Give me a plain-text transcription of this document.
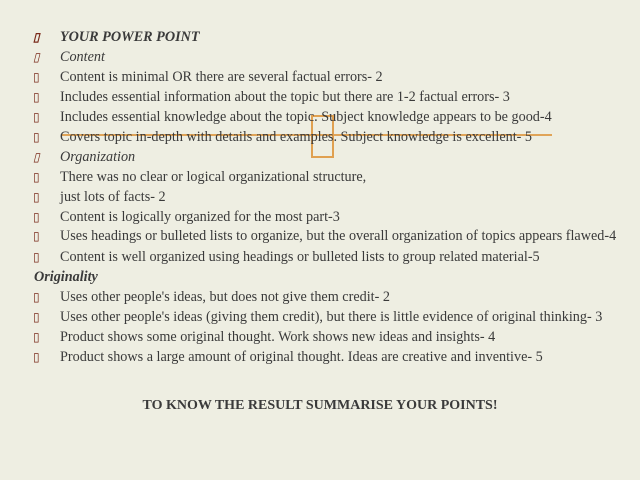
▯ YOUR POWER POINT
▯ Content
▯ Content is minimal OR there are several factual errors- 2
▯ Includes essential information about the topic but there are 1-2 factual errors- 3
▯ Includes essential knowledge about the topic. Subject knowledge appears to be good-4
▯ Covers topic in-depth with details and examples. Subject knowledge is excellent- 5
▯ Organization
▯ There was no clear or logical organizational structure,
▯ just lots of facts- 2
▯ Content is logically organized for the most part-3
▯ Uses headings or bulleted lists to organize, but the overall organization of topics appears flawed-4
▯ Content is well organized using headings or bulleted lists to group related material-5
Originality
▯ Uses other people's ideas, but does not give them credit- 2
▯ Uses other people's ideas (giving them credit), but there is little evidence of original thinking- 3
▯ Product shows some original thought. Work shows new ideas and insights- 4
▯ Product shows a large amount of original thought. Ideas are creative and inventive- 5
TO KNOW THE RESULT SUMMARISE YOUR POINTS!
